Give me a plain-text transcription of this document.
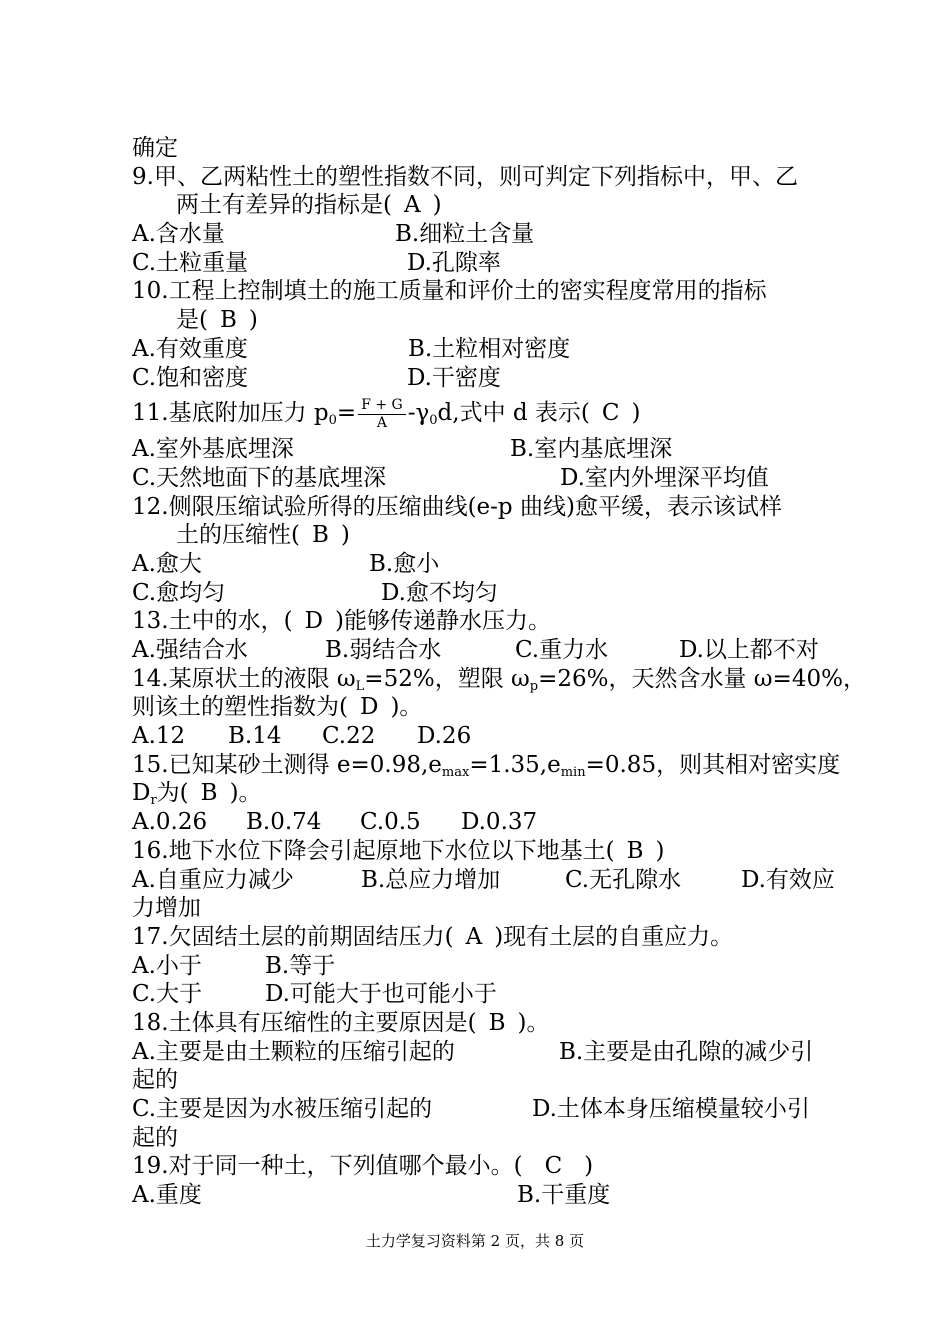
确定
9.甲、乙两粘性土的塑性指数不同，则可判定下列指标中，甲、乙
两土有差异的指标是( A )
A.含水量	B.细粒土含量
C.土粒重量	D.孔隙率
10.工程上控制填土的施工质量和评价土的密实程度常用的指标
是( B )
A.有效重度	B.土粒相对密度
C.饱和密度	D.干密度
11.基底附加压力 $p_0= \frac{F + G}{A} -\gamma_0d$,式中 d 表示( C )
A.室外基底埋深	B.室内基底埋深
C.天然地面下的基底埋深	D.室内外埋深平均值
12.侧限压缩试验所得的压缩曲线(e-p 曲线)愈平缓，表示该试样
土的压缩性( B )
A.愈大	B.愈小
C.愈均匀	D.愈不均匀
13.土中的水，( D )能够传递静水压力。
A.强结合水	B.弱结合水	C.重力水	D.以上都不对
14.某原状土的液限 $\omega_L=52\%$，塑限 $\omega_p=26\%$，天然含水量 ω=40%，
则该土的塑性指数为( D )。
A.12 B.14 C.22 D.26
15.已知某砂土测得 $e=0.98,e_{max}=1.35,e_{min}=0.85$，则其相对密实度
$D_r$为( B )。
A.0.26 B.0.74 C.0.5 D.0.37
16.地下水位下降会引起原地下水位以下地基土( B )
A.自重应力减少	B.总应力增加	C.无孔隙水	D.有效应
力增加
17.欠固结土层的前期固结压力( A )现有土层的自重应力。
A.小于	B.等于
C.大于	D.可能大于也可能小于
18.土体具有压缩性的主要原因是( B )。
A.主要是由土颗粒的压缩引起的	B.主要是由孔隙的减少引
起的
C.主要是因为水被压缩引起的	D.土体本身压缩模量较小引
起的
19.对于同一种土，下列值哪个最小。( C )
A.重度	B.干重度
土力学复习资料第 2 页，共 8 页
